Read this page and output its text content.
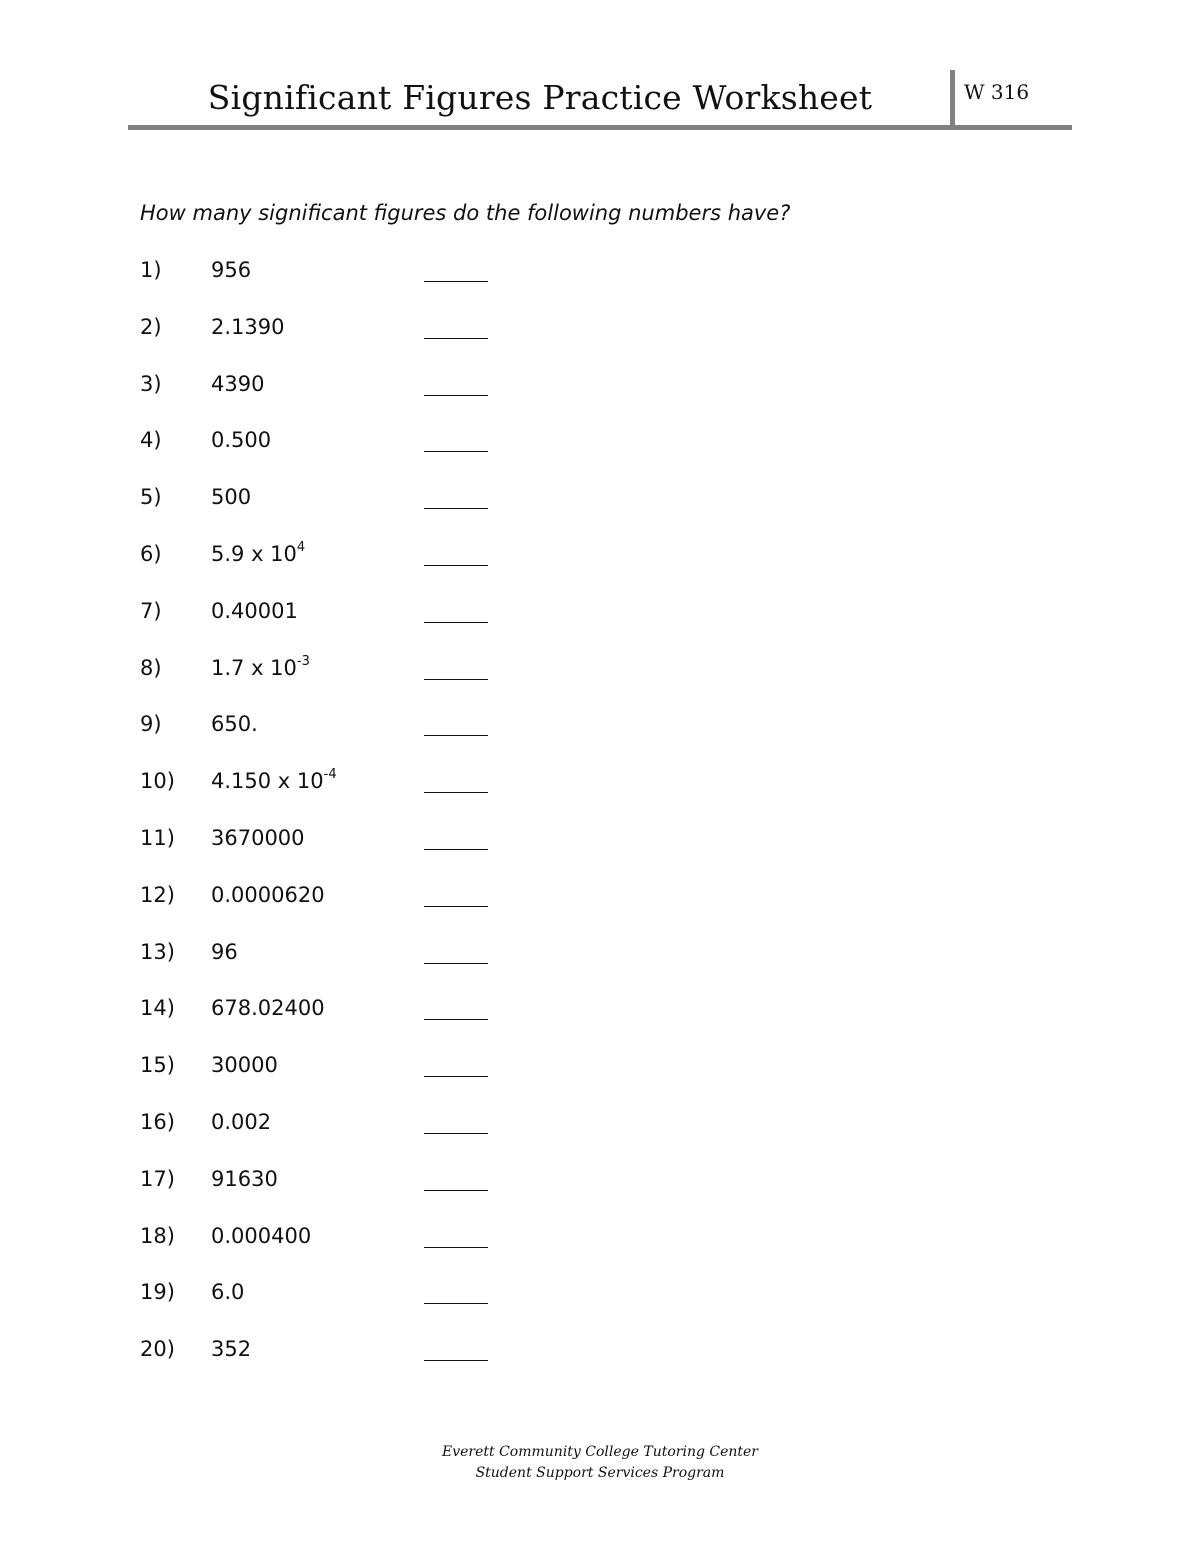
Significant Figures Practice Worksheet	W 316
How many significant figures do the following numbers have?
1) 956
2) 2.1390
3) 4390
4) 0.500
5) 500
6) 5.9 x $10^4$
7) 0.40001
8) 1.7 x $10^{-3}$
9) 650.
10) 4.150 x $10^{-4}$
11) 3670000
12) 0.0000620
13) 96
14) 678.02400
15) 30000
16) 0.002
17) 91630
18) 0.000400
19) 6.0
20) 352
Everett Community College Tutoring Center
Student Support Services Program
